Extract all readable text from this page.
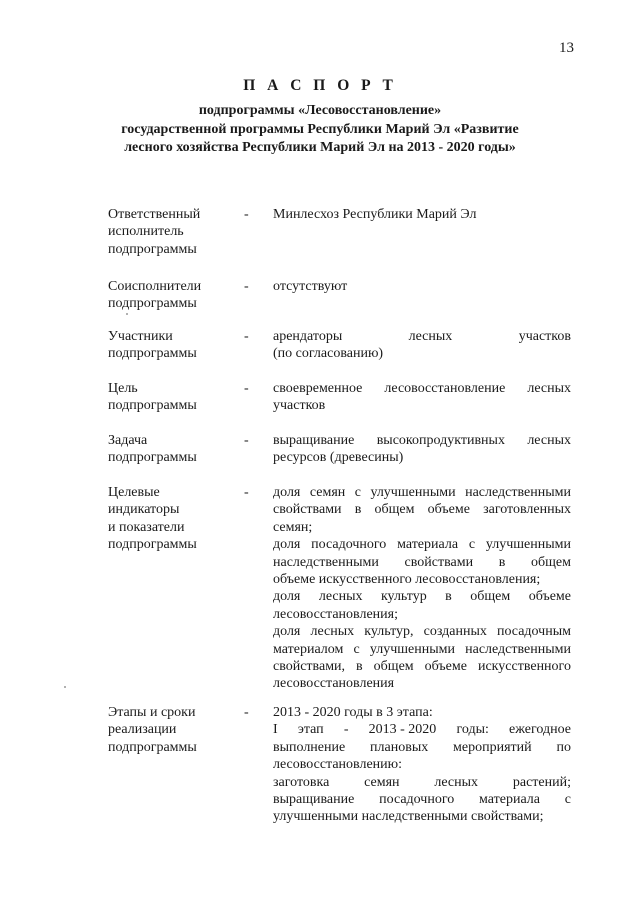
13
П А С П О Р Т
подпрограммы «Лесовосстановление»
государственной программы Республики Марий Эл «Развитие
лесного хозяйства Республики Марий Эл на 2013 - 2020 годы»
Ответственный
исполнитель
подпрограммы
- Минлесхоз Республики Марий Эл
Соисполнители
подпрограммы
- отсутствуют
Участники
подпрограммы
- арендаторы	лесных	участков
(по согласованию)
Цель
подпрограммы
- своевременное лесовосстановление лесных
участков
Задача
подпрограммы
- выращивание высокопродуктивных лесных
ресурсов (древесины)
Целевые
индикаторы
и показатели
подпрограммы
- доля семян с улучшенными наследственными
свойствами в общем объеме заготовленных
семян;
доля посадочного материала с улучшенными
наследственными свойствами в общем
объеме искусственного лесовосстановления;
доля лесных культур в общем объеме
лесовосстановления;
доля лесных культур, созданных посадочным
материалом с улучшенными наследственными
свойствами, в общем объеме искусственного
лесовосстановления
Этапы и сроки
реализации
подпрограммы
- 2013 - 2020 годы в 3 этапа:
I этап - 2013 - 2020 годы: ежегодное
выполнение плановых мероприятий по
лесовосстановлению:
заготовка семян лесных растений;
выращивание посадочного материала с
улучшенными наследственными свойствами;
